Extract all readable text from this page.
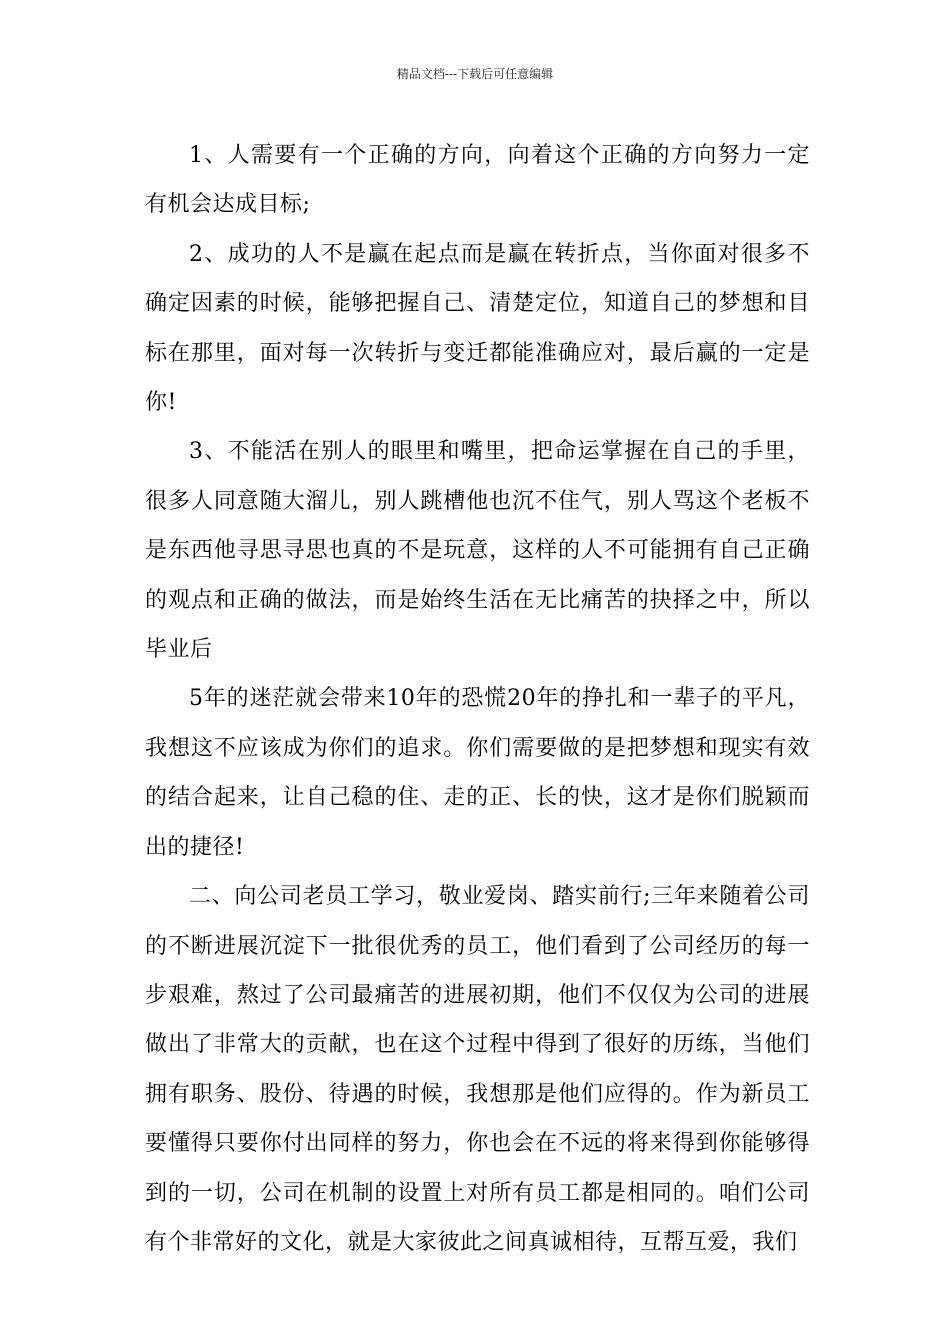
精品文档---下载后可任意编辑

1、人需要有一个正确的方向，向着这个正确的方向努力一定有机会达成目标;

2、成功的人不是赢在起点而是赢在转折点，当你面对很多不确定因素的时候，能够把握自己、清楚定位，知道自己的梦想和目标在那里，面对每一次转折与变迁都能准确应对，最后赢的一定是你!

3、不能活在别人的眼里和嘴里，把命运掌握在自己的手里，很多人同意随大溜儿，别人跳槽他也沉不住气，别人骂这个老板不是东西他寻思寻思也真的不是玩意，这样的人不可能拥有自己正确的观点和正确的做法，而是始终生活在无比痛苦的抉择之中，所以毕业后

5年的迷茫就会带来10年的恐慌20年的挣扎和一辈子的平凡，我想这不应该成为你们的追求。你们需要做的是把梦想和现实有效的结合起来，让自己稳的住、走的正、长的快，这才是你们脱颖而出的捷径!

二、向公司老员工学习，敬业爱岗、踏实前行;三年来随着公司的不断进展沉淀下一批很优秀的员工，他们看到了公司经历的每一步艰难，熬过了公司最痛苦的进展初期，他们不仅仅为公司的进展做出了非常大的贡献，也在这个过程中得到了很好的历练，当他们拥有职务、股份、待遇的时候，我想那是他们应得的。作为新员工要懂得只要你付出同样的努力，你也会在不远的将来得到你能够得到的一切，公司在机制的设置上对所有员工都是相同的。咱们公司有个非常好的文化，就是大家彼此之间真诚相待，互帮互爱，我们
